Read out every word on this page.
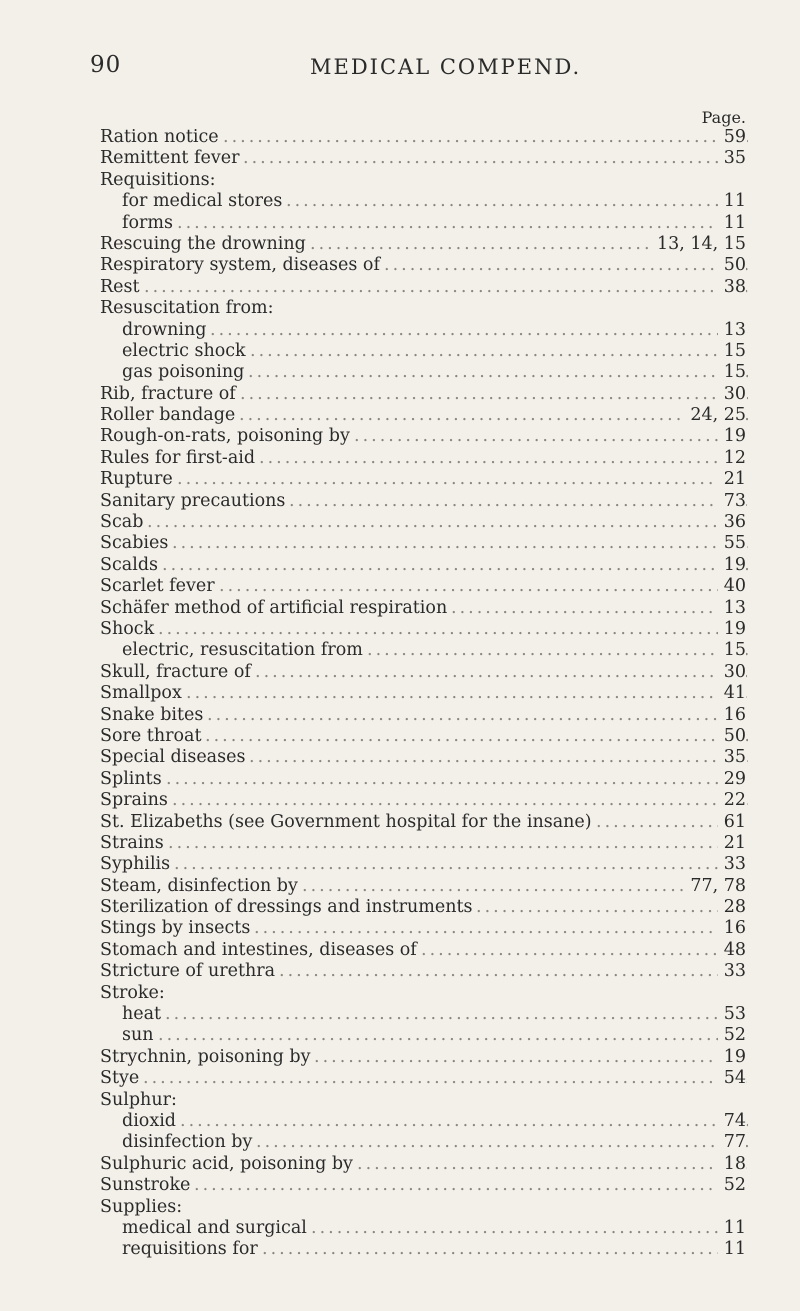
90	MEDICAL COMPEND.
Page.
Ration notice .....	59
Remittent fever .....	35
Requisitions:
for medical stores .....	11
forms .....	11
Rescuing the drowning .....	13, 14, 15
Respiratory system, diseases of .....	50
Rest .....	38
Resuscitation from:
drowning .....	13
electric shock .....	15
gas poisoning .....	15
Rib, fracture of .....	30
Roller bandage .....	24, 25
Rough-on-rats, poisoning by .....	19
Rules for first-aid .....	12
Rupture .....	21
Sanitary precautions .....	73
Scab .....	36
Scabies .....	55
Scalds .....	19
Scarlet fever .....	40
Schäfer method of artificial respiration .....	13
Shock .....	19
electric, resuscitation from .....	15
Skull, fracture of .....	30
Smallpox .....	41
Snake bites .....	16
Sore throat .....	50
Special diseases .....	35
Splints .....	29
Sprains .....	22
St. Elizabeths (see Government hospital for the insane) .....	61
Strains .....	21
Syphilis .....	33
Steam, disinfection by .....	77, 78
Sterilization of dressings and instruments .....	28
Stings by insects .....	16
Stomach and intestines, diseases of .....	48
Stricture of urethra .....	33
Stroke:
heat .....	53
sun .....	52
Strychnin, poisoning by .....	19
Stye .....	54
Sulphur:
dioxid .....	74
disinfection by .....	77
Sulphuric acid, poisoning by .....	18
Sunstroke .....	52
Supplies:
medical and surgical .....	11
requisitions for .....	11
